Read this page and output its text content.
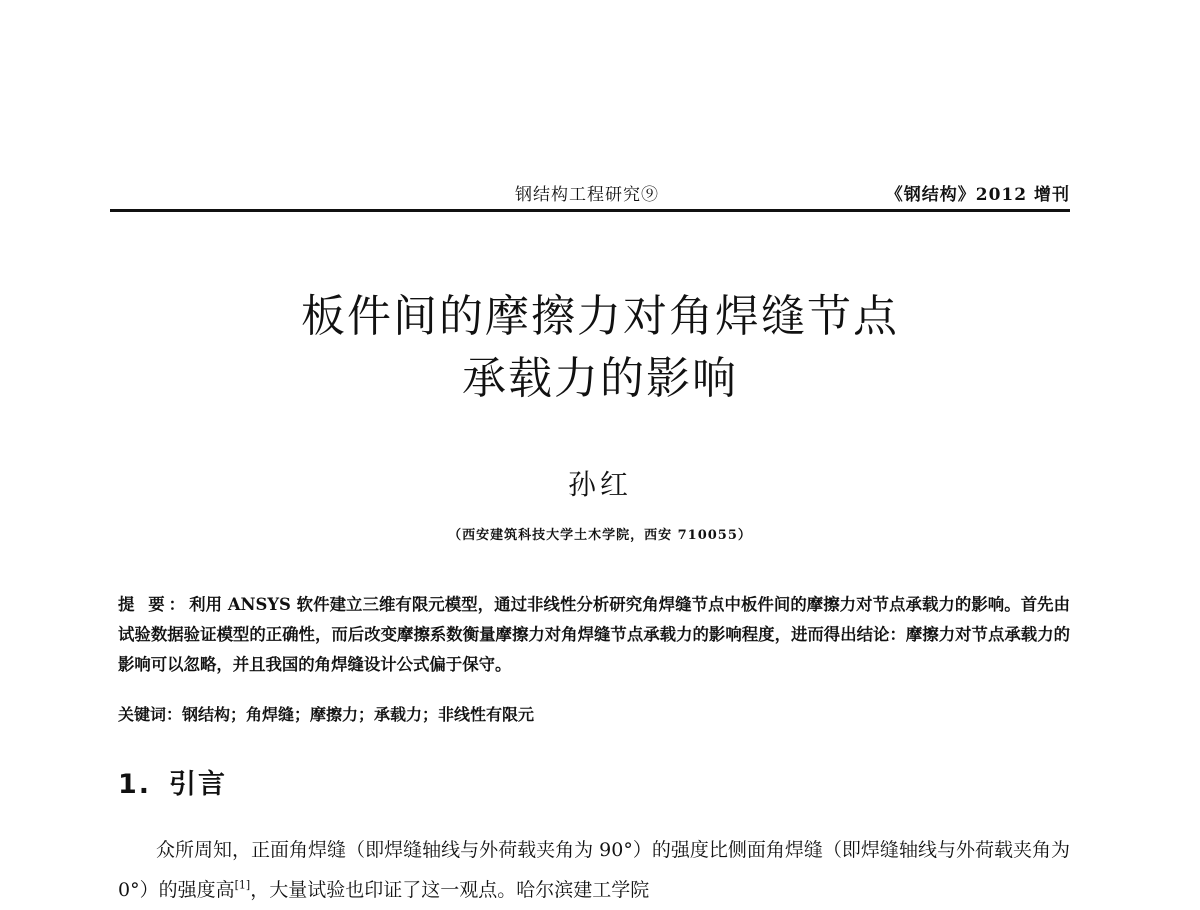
钢结构工程研究⑨	《钢结构》2012 增刊
板件间的摩擦力对角焊缝节点
承载力的影响
孙红
（西安建筑科技大学土木学院，西安 710055）
提 要：利用 ANSYS 软件建立三维有限元模型，通过非线性分析研究角焊缝节点中板件间的摩擦力对节点承载力的影响。首先由试验数据验证模型的正确性，而后改变摩擦系数衡量摩擦力对角焊缝节点承载力的影响程度，进而得出结论：摩擦力对节点承载力的影响可以忽略，并且我国的角焊缝设计公式偏于保守。
关键词：钢结构；角焊缝；摩擦力；承载力；非线性有限元
1. 引言

众所周知，正面角焊缝（即焊缝轴线与外荷载夹角为 90°）的强度比侧面角焊缝（即焊缝轴线与外荷载夹角为 0°）的强度高[1]，大量试验也印证了这一观点。哈尔滨建工学院
